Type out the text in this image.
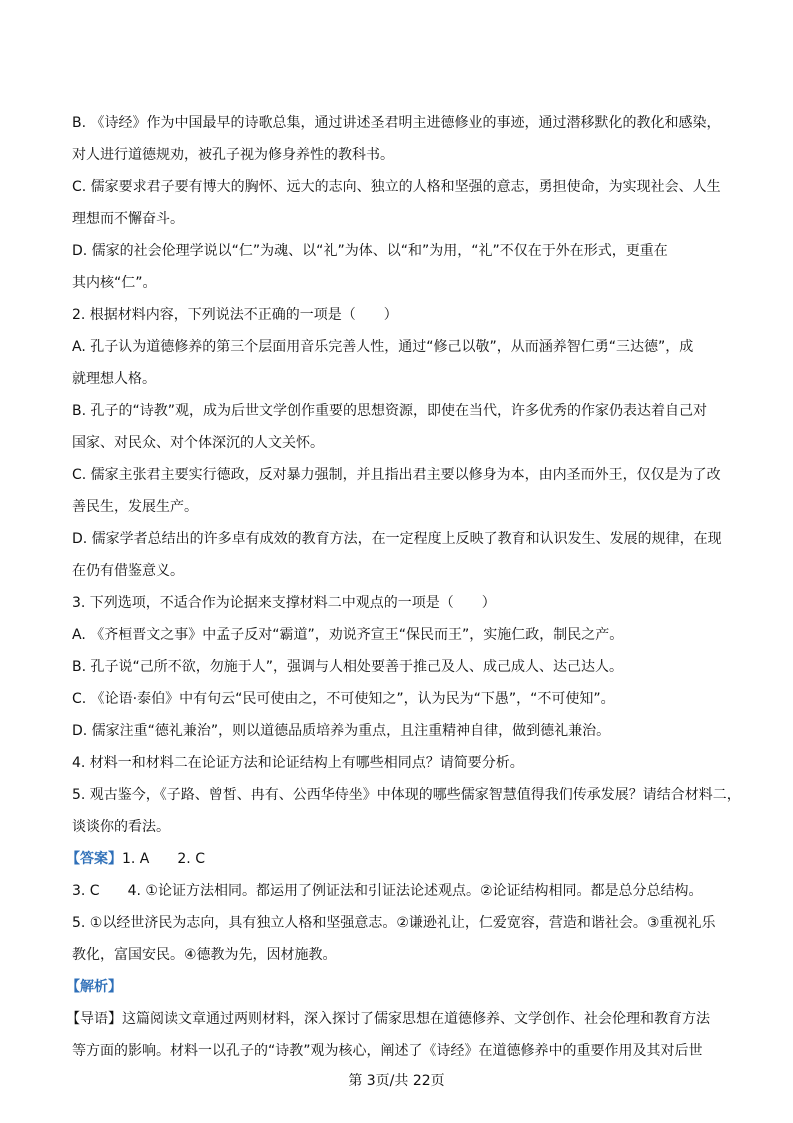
B. 《诗经》作为中国最早的诗歌总集，通过讲述圣君明主进德修业的事迹，通过潜移默化的教化和感染，
对人进行道德规劝，被孔子视为修身养性的教科书。
C. 儒家要求君子要有博大的胸怀、远大的志向、独立的人格和坚强的意志，勇担使命，为实现社会、人生
理想而不懈奋斗。
D. 儒家的社会伦理学说以“仁”为魂、以“礼”为体、以“和”为用，“礼”不仅在于外在形式，更重在
其内核“仁”。
2. 根据材料内容，下列说法不正确的一项是（　　）
A. 孔子认为道德修养的第三个层面用音乐完善人性，通过“修己以敬”，从而涵养智仁勇“三达德”，成
就理想人格。
B. 孔子的“诗教”观，成为后世文学创作重要的思想资源，即使在当代，许多优秀的作家仍表达着自己对
国家、对民众、对个体深沉的人文关怀。
C. 儒家主张君主要实行德政，反对暴力强制，并且指出君主要以修身为本，由内圣而外王，仅仅是为了改
善民生，发展生产。
D. 儒家学者总结出的许多卓有成效的教育方法，在一定程度上反映了教育和认识发生、发展的规律，在现
在仍有借鉴意义。
3. 下列选项，不适合作为论据来支撑材料二中观点的一项是（　　）
A. 《齐桓晋文之事》中孟子反对“霸道”，劝说齐宣王“保民而王”，实施仁政，制民之产。
B. 孔子说“己所不欲，勿施于人”，强调与人相处要善于推己及人、成己成人、达己达人。
C. 《论语·泰伯》中有句云“民可使由之，不可使知之”，认为民为“下愚”，“不可使知”。
D. 儒家注重“德礼兼治”，则以道德品质培养为重点，且注重精神自律，做到德礼兼治。
4. 材料一和材料二在论证方法和论证结构上有哪些相同点？请简要分析。
5. 观古鉴今，《子路、曾皙、冉有、公西华侍坐》中体现的哪些儒家智慧值得我们传承发展？请结合材料二，
谈谈你的看法。
【答案】1. A 2. C
3. C 4. ①论证方法相同。都运用了例证法和引证法论述观点。②论证结构相同。都是总分总结构。
5. ①以经世济民为志向，具有独立人格和坚强意志。②谦逊礼让，仁爱宽容，营造和谐社会。③重视礼乐
教化，富国安民。④德教为先，因材施教。
【解析】
【导语】这篇阅读文章通过两则材料，深入探讨了儒家思想在道德修养、文学创作、社会伦理和教育方法
等方面的影响。材料一以孔子的“诗教”观为核心，阐述了《诗经》在道德修养中的重要作用及其对后世
第 3页/共 22页
